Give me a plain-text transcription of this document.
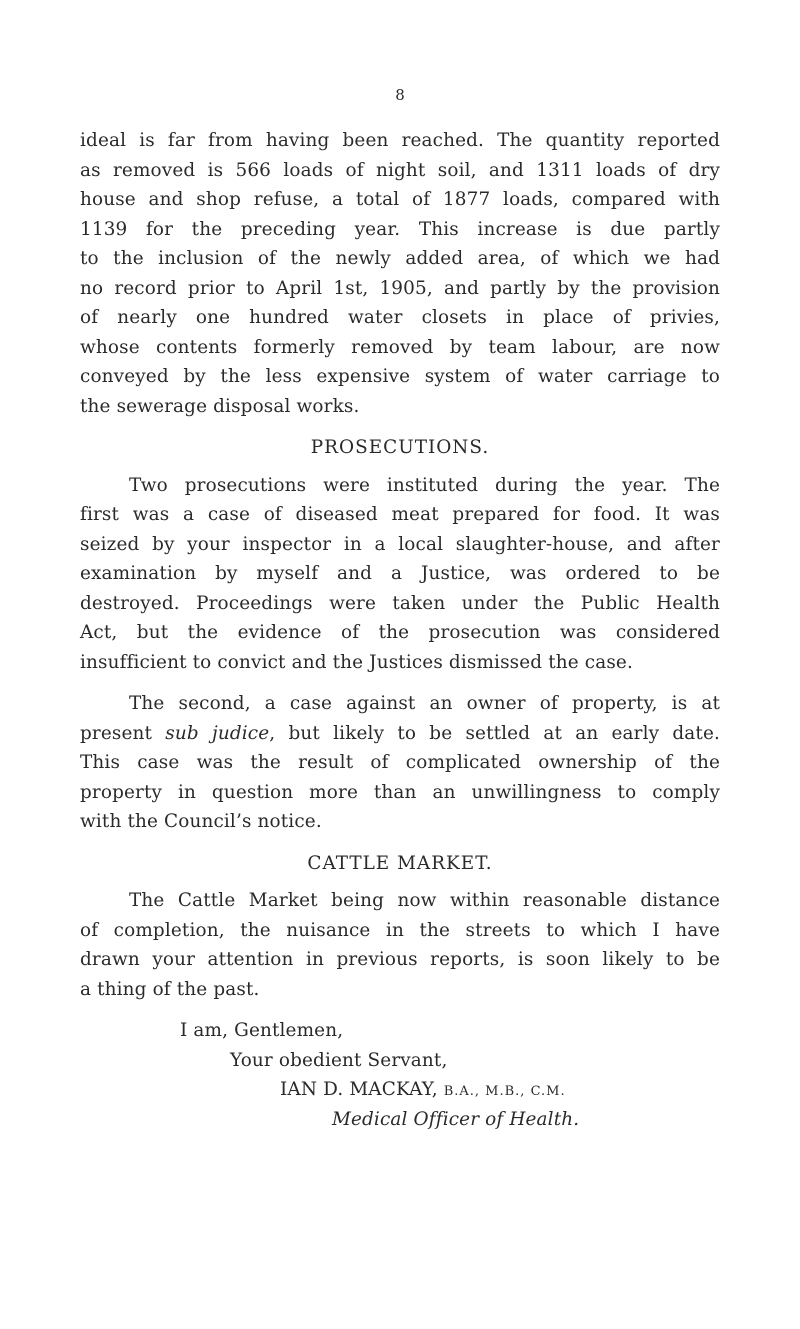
8
ideal is far from having been reached. The quantity reported
as removed is 566 loads of night soil, and 1311 loads of dry
house and shop refuse, a total of 1877 loads, compared with
1139 for the preceding year. This increase is due partly
to the inclusion of the newly added area, of which we had
no record prior to April 1st, 1905, and partly by the provision
of nearly one hundred water closets in place of privies,
whose contents formerly removed by team labour, are now
conveyed by the less expensive system of water carriage to
the sewerage disposal works.
PROSECUTIONS.
Two prosecutions were instituted during the year. The
first was a case of diseased meat prepared for food. It was
seized by your inspector in a local slaughter-house, and after
examination by myself and a Justice, was ordered to be
destroyed. Proceedings were taken under the Public Health
Act, but the evidence of the prosecution was considered
insufficient to convict and the Justices dismissed the case.
The second, a case against an owner of property, is at
present sub judice, but likely to be settled at an early date.
This case was the result of complicated ownership of the
property in question more than an unwillingness to comply
with the Council’s notice.
CATTLE MARKET.
The Cattle Market being now within reasonable distance
of completion, the nuisance in the streets to which I have
drawn your attention in previous reports, is soon likely to be
a thing of the past.
I am, Gentlemen,
Your obedient Servant,
IAN D. MACKAY, B.A., M.B., C.M.
Medical Officer of Health.
